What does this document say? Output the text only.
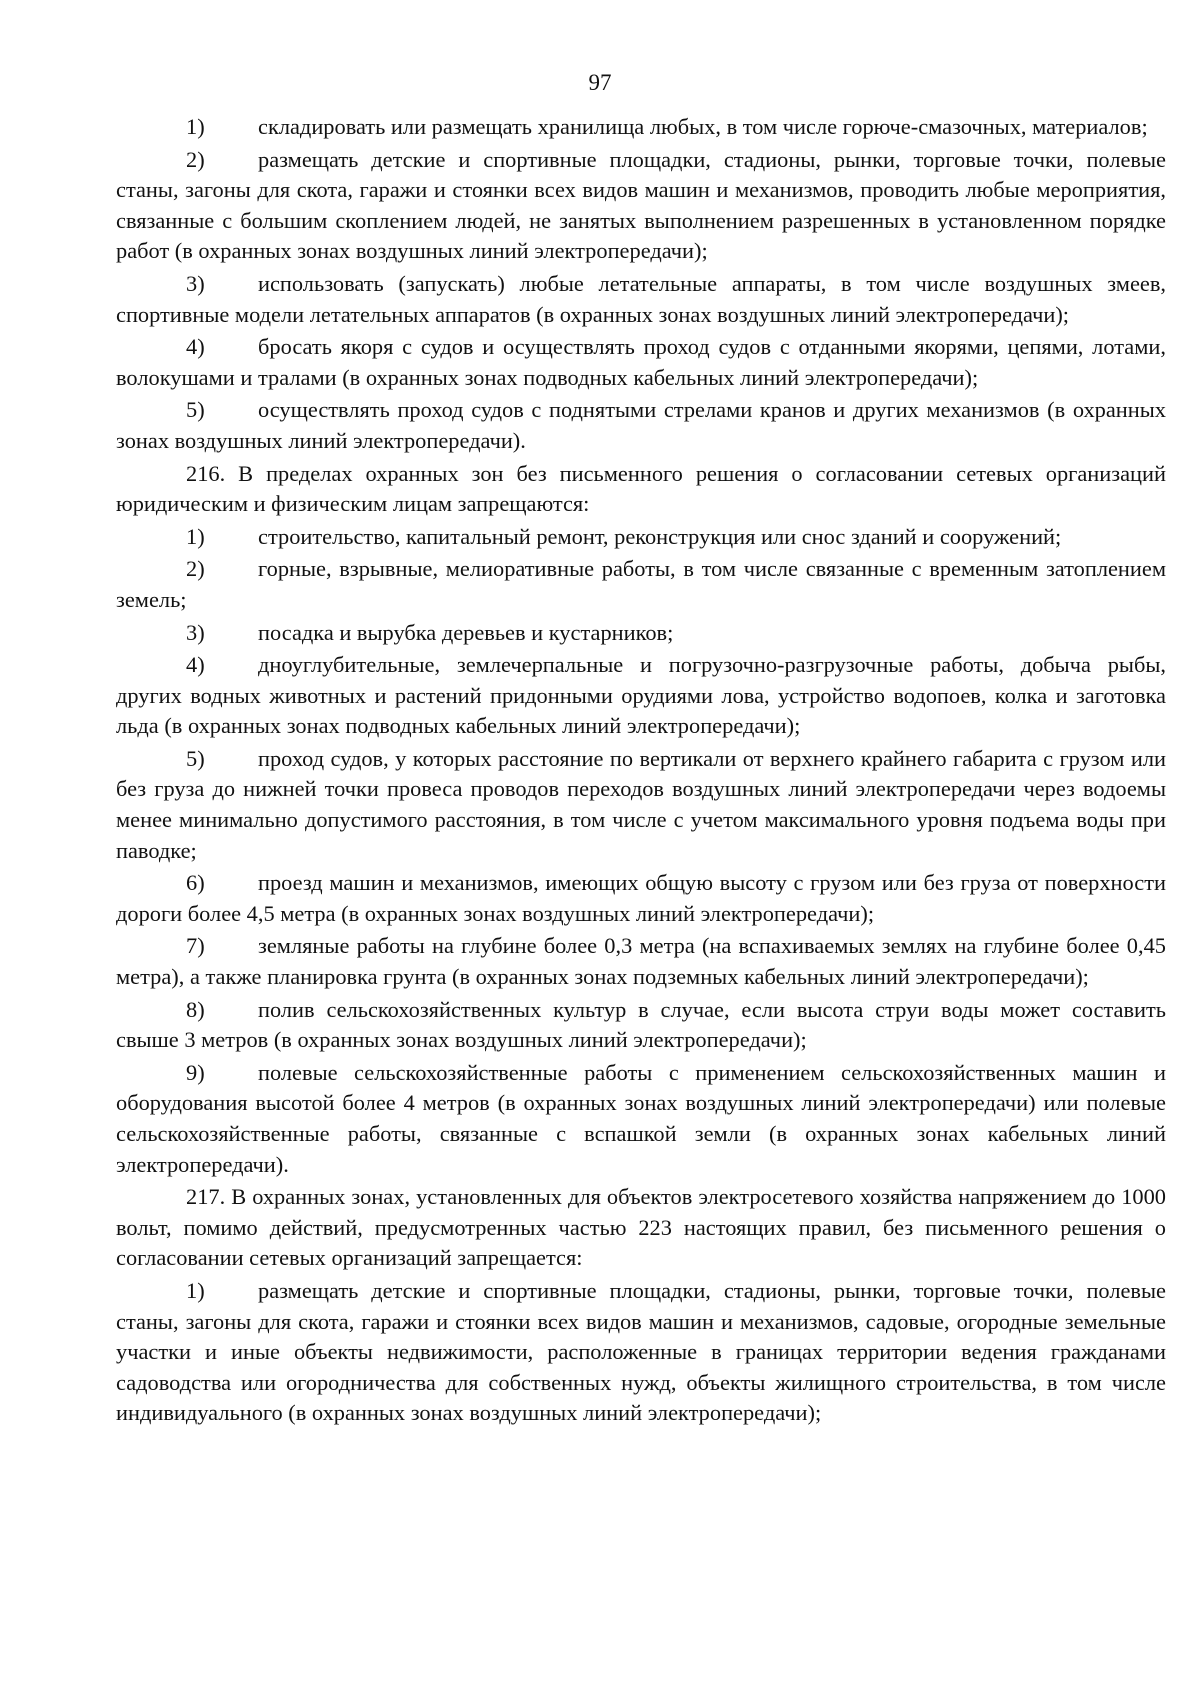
97

1) складировать или размещать хранилища любых, в том числе горюче-смазочных, материалов;

2) размещать детские и спортивные площадки, стадионы, рынки, торговые точки, полевые станы, загоны для скота, гаражи и стоянки всех видов машин и механизмов, проводить любые мероприятия, связанные с большим скоплением людей, не занятых выполнением разрешенных в установленном порядке работ (в охранных зонах воздушных линий электропередачи);

3) использовать (запускать) любые летательные аппараты, в том числе воздушных змеев, спортивные модели летательных аппаратов (в охранных зонах воздушных линий электропередачи);

4) бросать якоря с судов и осуществлять проход судов с отданными якорями, цепями, лотами, волокушами и тралами (в охранных зонах подводных кабельных линий электропередачи);

5) осуществлять проход судов с поднятыми стрелами кранов и других механизмов (в охранных зонах воздушных линий электропередачи).

216. В пределах охранных зон без письменного решения о согласовании сетевых организаций юридическим и физическим лицам запрещаются:

1) строительство, капитальный ремонт, реконструкция или снос зданий и сооружений;

2) горные, взрывные, мелиоративные работы, в том числе связанные с временным затоплением земель;

3) посадка и вырубка деревьев и кустарников;

4) дноуглубительные, землечерпальные и погрузочно-разгрузочные работы, добыча рыбы, других водных животных и растений придонными орудиями лова, устройство водопоев, колка и заготовка льда (в охранных зонах подводных кабельных линий электропередачи);

5) проход судов, у которых расстояние по вертикали от верхнего крайнего габарита с грузом или без груза до нижней точки провеса проводов переходов воздушных линий электропередачи через водоемы менее минимально допустимого расстояния, в том числе с учетом максимального уровня подъема воды при паводке;

6) проезд машин и механизмов, имеющих общую высоту с грузом или без груза от поверхности дороги более 4,5 метра (в охранных зонах воздушных линий электропередачи);

7) земляные работы на глубине более 0,3 метра (на вспахиваемых землях на глубине более 0,45 метра), а также планировка грунта (в охранных зонах подземных кабельных линий электропередачи);

8) полив сельскохозяйственных культур в случае, если высота струи воды может составить свыше 3 метров (в охранных зонах воздушных линий электропередачи);

9) полевые сельскохозяйственные работы с применением сельскохозяйственных машин и оборудования высотой более 4 метров (в охранных зонах воздушных линий электропередачи) или полевые сельскохозяйственные работы, связанные с вспашкой земли (в охранных зонах кабельных линий электропередачи).

217. В охранных зонах, установленных для объектов электросетевого хозяйства напряжением до 1000 вольт, помимо действий, предусмотренных частью 223 настоящих правил, без письменного решения о согласовании сетевых организаций запрещается:

1) размещать детские и спортивные площадки, стадионы, рынки, торговые точки, полевые станы, загоны для скота, гаражи и стоянки всех видов машин и механизмов, садовые, огородные земельные участки и иные объекты недвижимости, расположенные в границах территории ведения гражданами садоводства или огородничества для собственных нужд, объекты жилищного строительства, в том числе индивидуального (в охранных зонах воздушных линий электропередачи);
